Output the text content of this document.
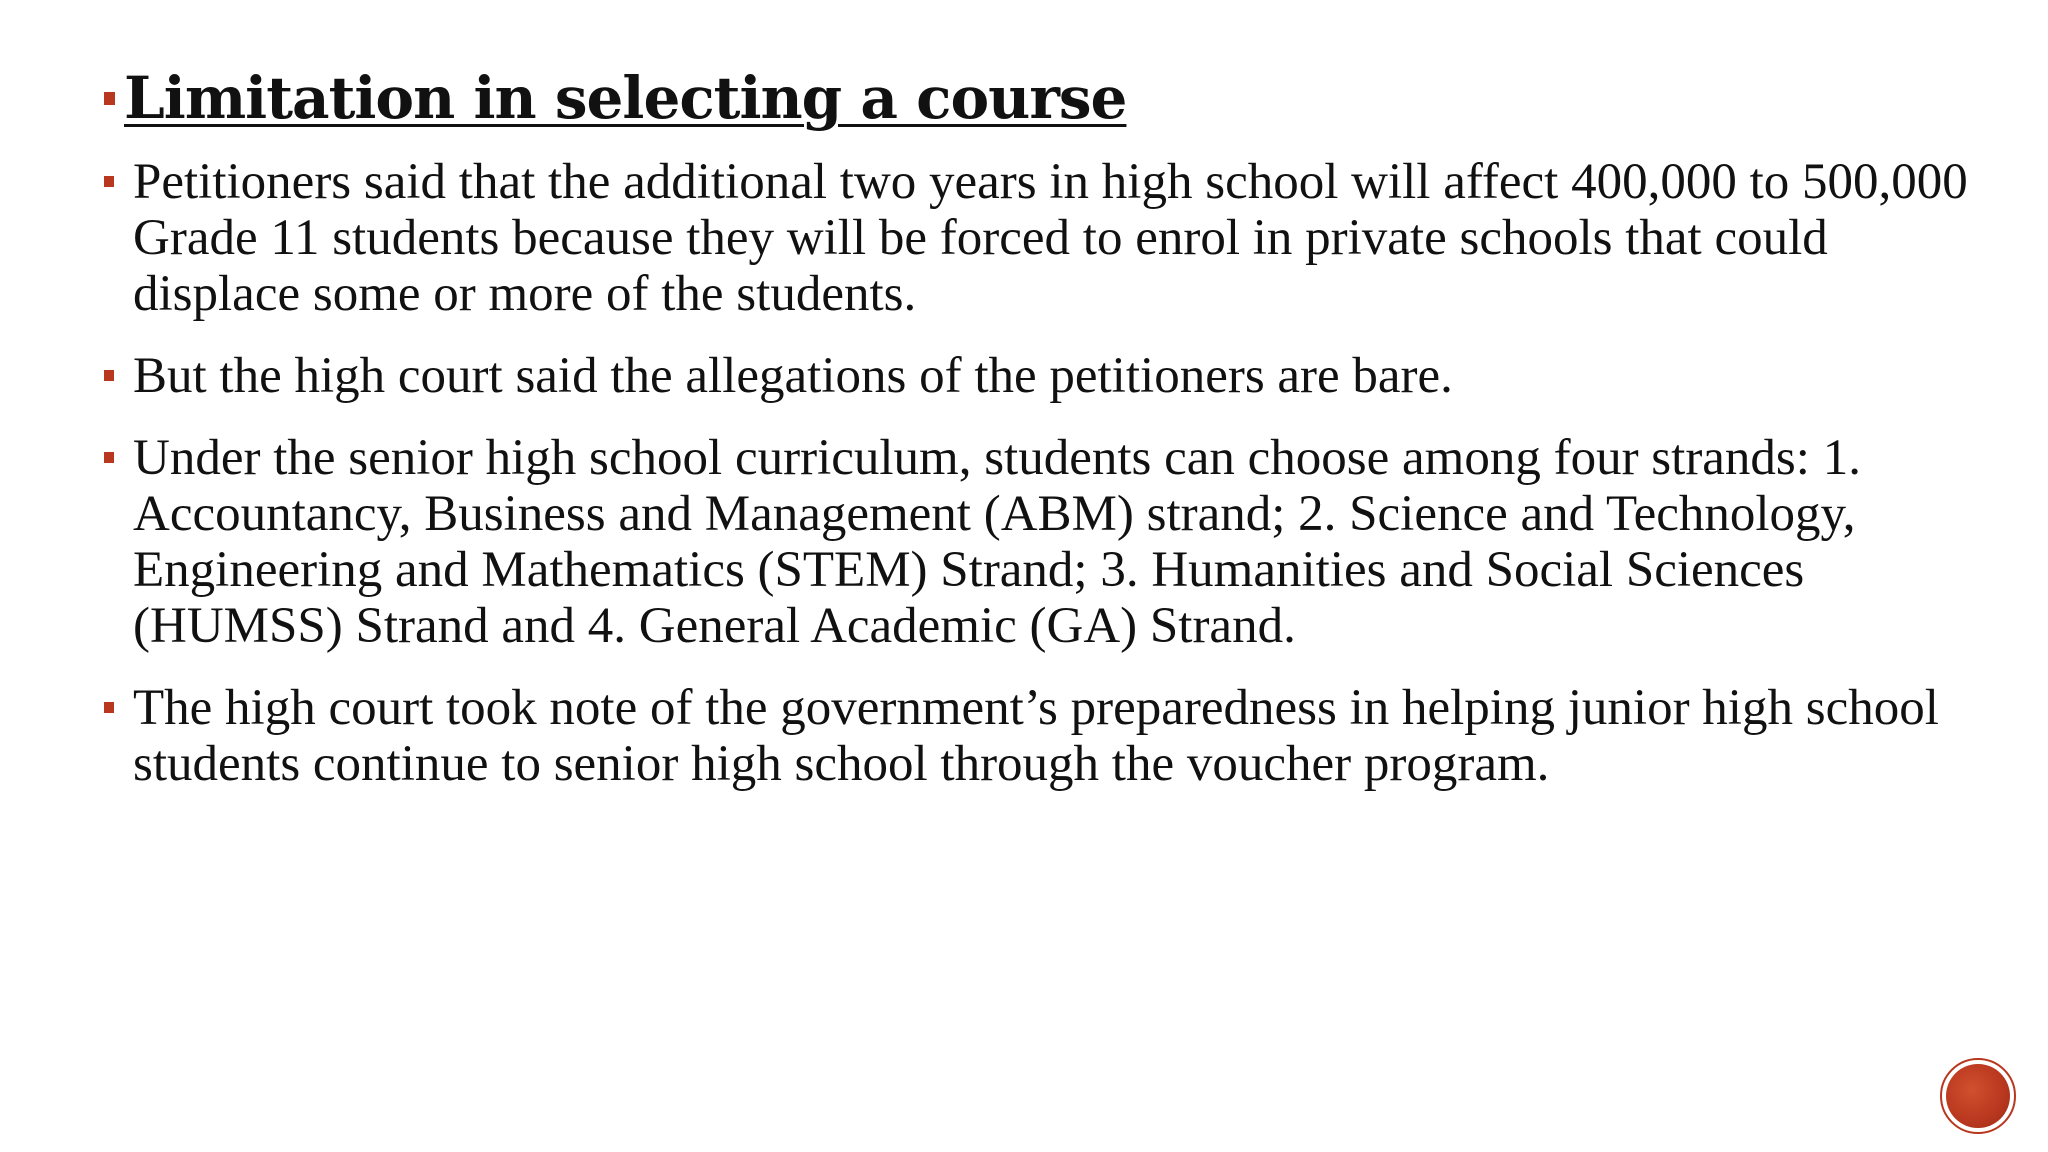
Limitation in selecting a course
Petitioners said that the additional two years in high school will affect 400,000 to 500,000 Grade 11 students because they will be forced to enrol in private schools that could displace some or more of the students.
But the high court said the allegations of the petitioners are bare.
Under the senior high school curriculum, students can choose among four strands: 1. Accountancy, Business and Management (ABM) strand; 2. Science and Technology, Engineering and Mathematics (STEM) Strand; 3. Humanities and Social Sciences (HUMSS) Strand and 4. General Academic (GA) Strand.
The high court took note of the government’s preparedness in helping junior high school students continue to senior high school through the voucher program.
